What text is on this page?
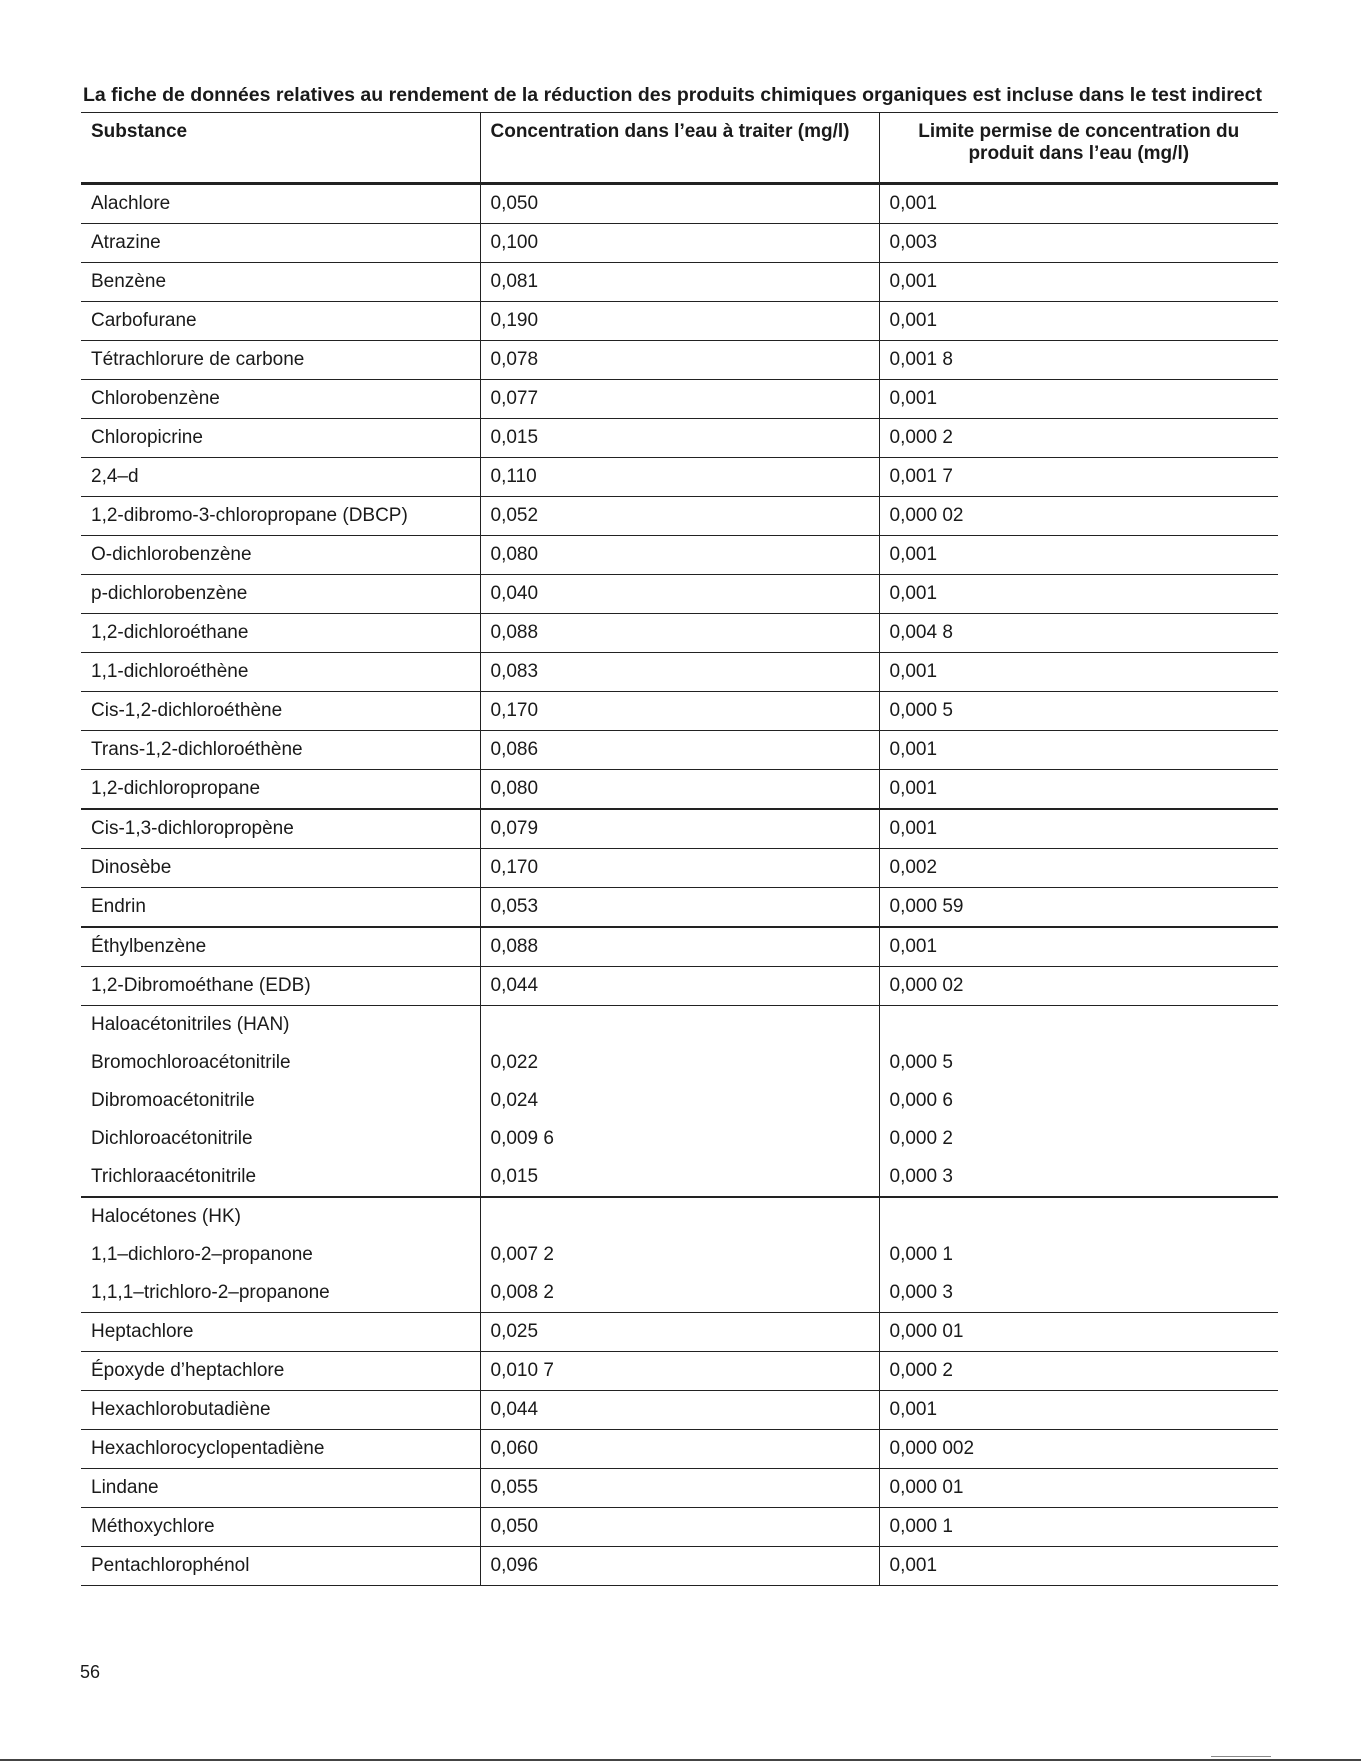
La fiche de données relatives au rendement de la réduction des produits chimiques organiques est incluse dans le test indirect

Substance	Concentration dans l’eau à traiter (mg/l)	Limite permise de concentration du
produit dans l’eau (mg/l)
Alachlore	0,050	0,001
Atrazine	0,100	0,003
Benzène	0,081	0,001
Carbofurane	0,190	0,001
Tétrachlorure de carbone	0,078	0,001 8
Chlorobenzène	0,077	0,001
Chloropicrine	0,015	0,000 2
2,4–d	0,110	0,001 7
1,2-dibromo-3-chloropropane (DBCP)	0,052	0,000 02
O-dichlorobenzène	0,080	0,001
p-dichlorobenzène	0,040	0,001
1,2-dichloroéthane	0,088	0,004 8
1,1-dichloroéthène	0,083	0,001
Cis-1,2-dichloroéthène	0,170	0,000 5
Trans-1,2-dichloroéthène	0,086	0,001
1,2-dichloropropane	0,080	0,001
Cis-1,3-dichloropropène	0,079	0,001
Dinosèbe	0,170	0,002
Endrin	0,053	0,000 59
Éthylbenzène	0,088	0,001
1,2-Dibromoéthane (EDB)	0,044	0,000 02
Haloacétonitriles (HAN)		
Bromochloroacétonitrile	0,022	0,000 5
Dibromoacétonitrile	0,024	0,000 6
Dichloroacétonitrile	0,009 6	0,000 2
Trichloraacétonitrile	0,015	0,000 3
Halocétones (HK)		
1,1–dichloro-2–propanone	0,007 2	0,000 1
1,1,1–trichloro-2–propanone	0,008 2	0,000 3
Heptachlore	0,025	0,000 01
Époxyde d’heptachlore	0,010 7	0,000 2
Hexachlorobutadiène	0,044	0,001
Hexachlorocyclopentadiène	0,060	0,000 002
Lindane	0,055	0,000 01
Méthoxychlore	0,050	0,000 1
Pentachlorophénol	0,096	0,001

56
